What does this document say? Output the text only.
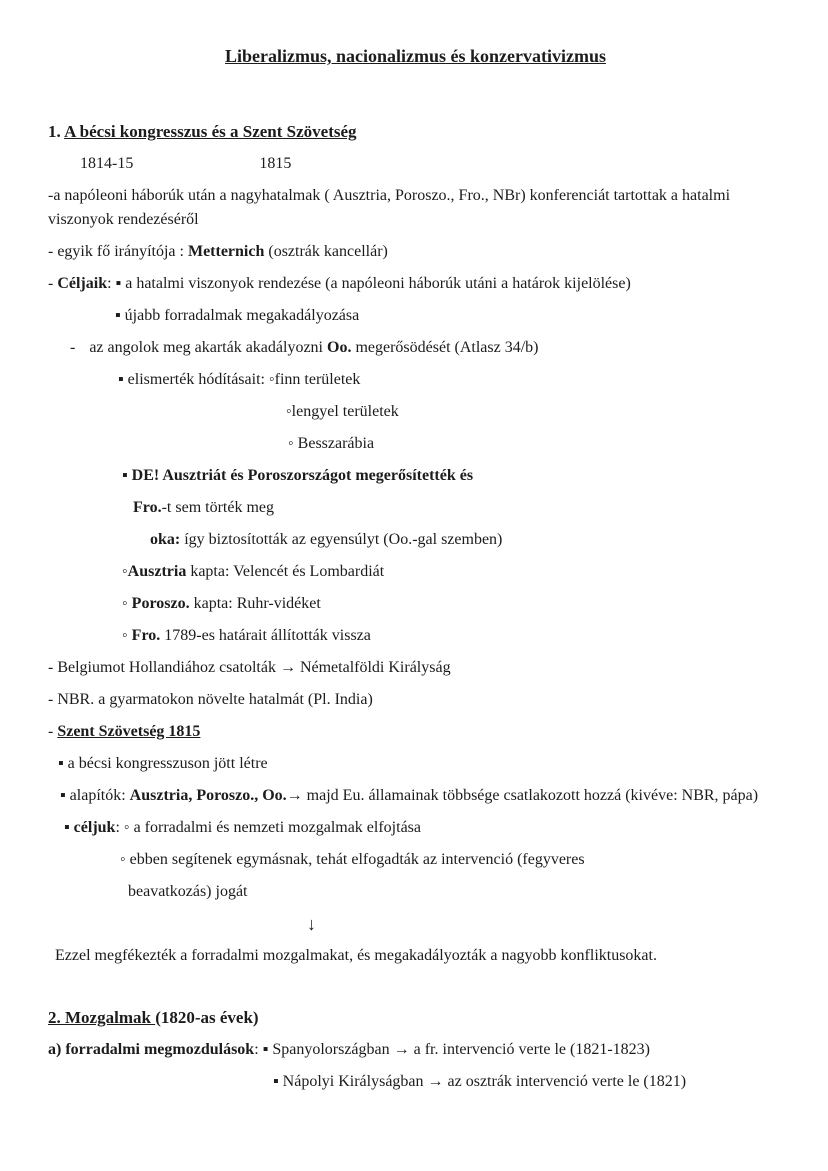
Liberalizmus, nacionalizmus és konzervativizmus

1. A bécsi kongresszus és a Szent Szövetség

1814-15	1815

-a napóleoni háborúk után a nagyhatalmak ( Ausztria, Poroszo., Fro., NBr) konferenciát tartottak a hatalmi viszonyok rendezéséről

- egyik fő irányítója : Metternich (osztrák kancellár)

- Céljaik: ▪ a hatalmi viszonyok rendezése (a napóleoni háborúk utáni a határok kijelölése)

▪ újabb forradalmak megakadályozása

- az angolok meg akarták akadályozni Oo. megerősödését (Atlasz 34/b)

▪ elismerték hódításait: ◦finn területek

◦lengyel területek

◦ Besszarábia

▪ DE! Ausztriát és Poroszországot megerősítették és

Fro.-t sem törték meg

oka: így biztosították az egyensúlyt (Oo.-gal szemben)

◦Ausztria kapta: Velencét és Lombardiát

◦ Poroszo. kapta: Ruhr-vidéket

◦ Fro. 1789-es határait állították vissza

- Belgiumot Hollandiához csatolták → Németalföldi Királyság

- NBR. a gyarmatokon növelte hatalmát (Pl. India)

- Szent Szövetség 1815

▪ a bécsi kongresszuson jött létre

▪ alapítók: Ausztria, Poroszo., Oo.→ majd Eu. államainak többsége csatlakozott hozzá (kivéve: NBR, pápa)

▪ céljuk: ◦ a forradalmi és nemzeti mozgalmak elfojtása

◦ ebben segítenek egymásnak, tehát elfogadták az intervenció (fegyveres

beavatkozás) jogát

↓

Ezzel megfékezték a forradalmi mozgalmakat, és megakadályozták a nagyobb konfliktusokat.

2. Mozgalmak (1820-as évek)

a) forradalmi megmozdulások: ▪ Spanyolországban → a fr. intervenció verte le (1821-1823)

▪ Nápolyi Királyságban → az osztrák intervenció verte le (1821)
